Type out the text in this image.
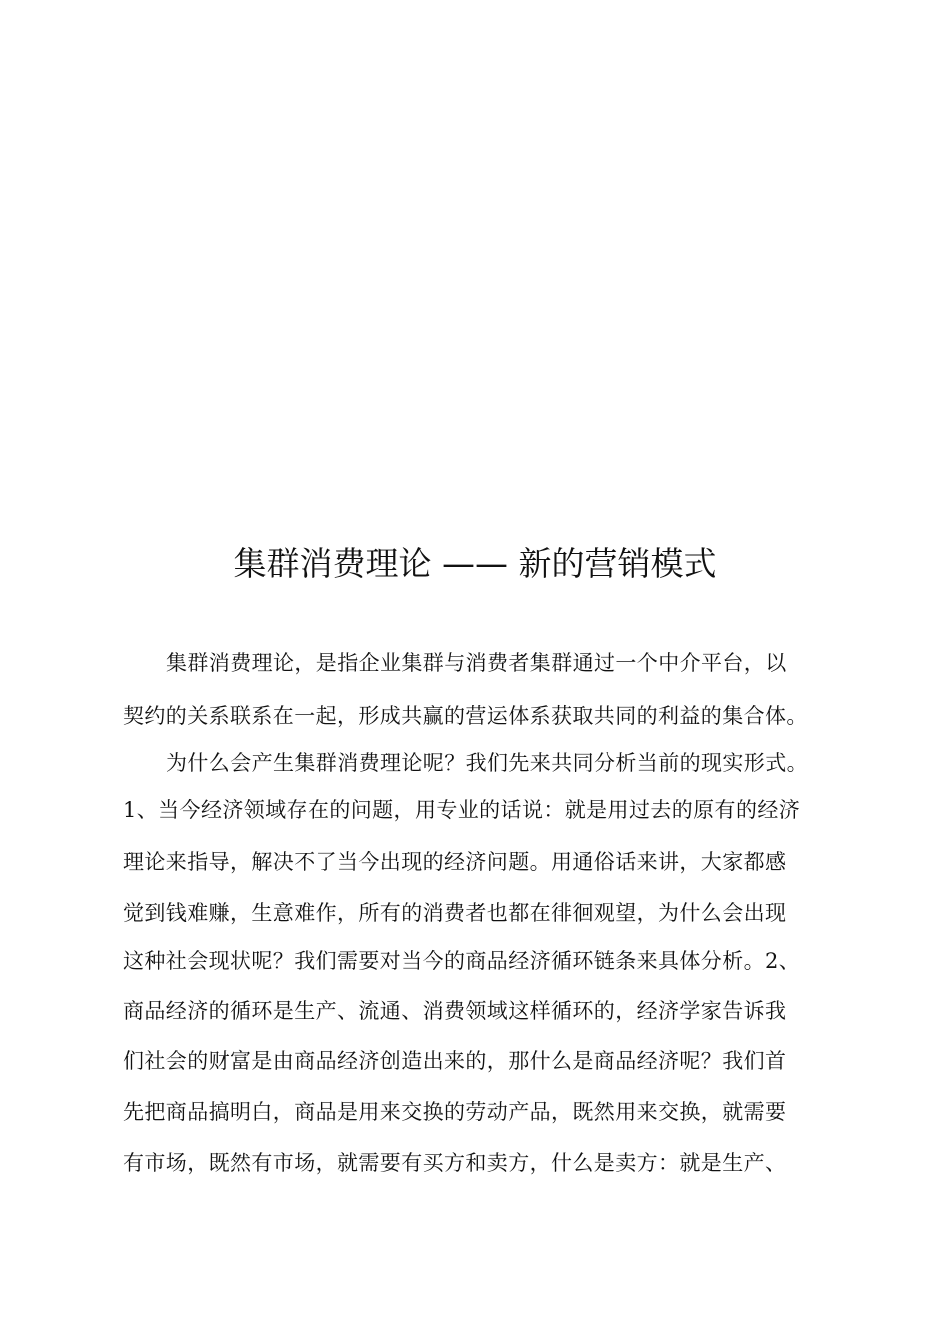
集群消费理论 —— 新的营销模式
集群消费理论，是指企业集群与消费者集群通过一个中介平台，以
契约的关系联系在一起，形成共赢的营运体系获取共同的利益的集合体。
为什么会产生集群消费理论呢？我们先来共同分析当前的现实形式。
1、当今经济领域存在的问题，用专业的话说：就是用过去的原有的经济
理论来指导，解决不了当今出现的经济问题。用通俗话来讲，大家都感
觉到钱难赚，生意难作，所有的消费者也都在徘徊观望，为什么会出现
这种社会现状呢？我们需要对当今的商品经济循环链条来具体分析。2、
商品经济的循环是生产、流通、消费领域这样循环的，经济学家告诉我
们社会的财富是由商品经济创造出来的，那什么是商品经济呢？我们首
先把商品搞明白，商品是用来交换的劳动产品，既然用来交换，就需要
有市场，既然有市场，就需要有买方和卖方，什么是卖方：就是生产、
